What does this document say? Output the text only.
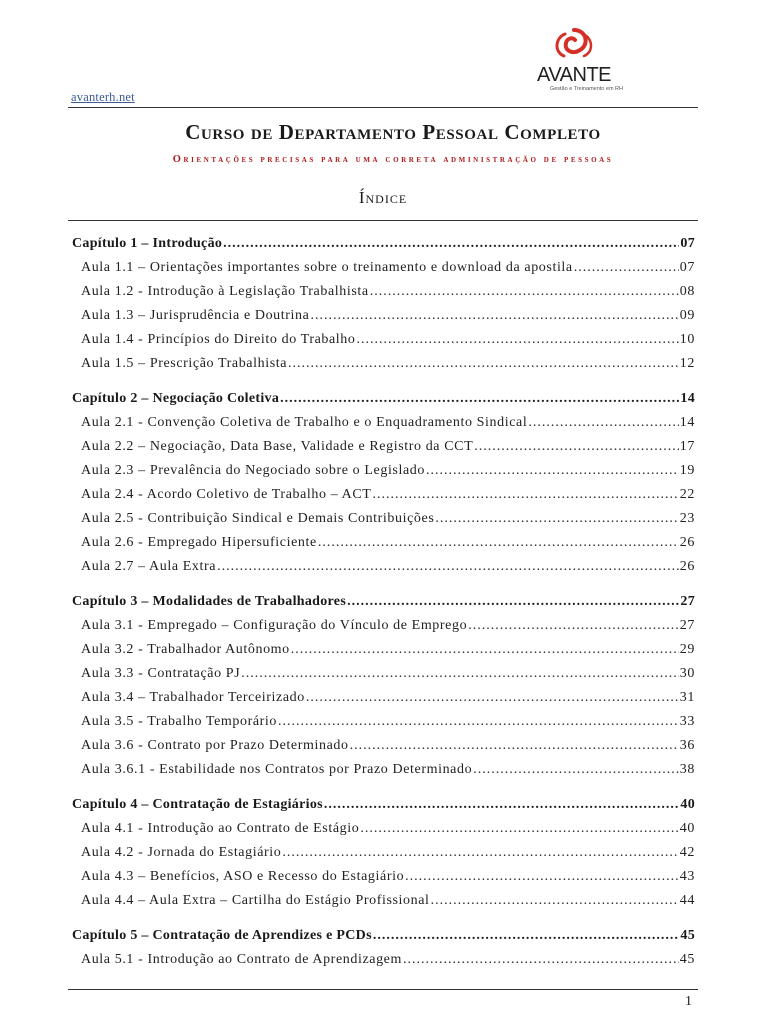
avanterh.net
AVANTE
Gestão e Treinamento em RH
Curso de Departamento Pessoal Completo
Orientações precisas para uma correta administração de pessoas
Índice
Capítulo 1 – Introdução .....	07
Aula 1.1 – Orientações importantes sobre o treinamento e download da apostila .....	07
Aula 1.2 - Introdução à Legislação Trabalhista .....	08
Aula 1.3 – Jurisprudência e Doutrina .....	09
Aula 1.4 - Princípios do Direito do Trabalho .....	10
Aula 1.5 – Prescrição Trabalhista .....	12
Capítulo 2 – Negociação Coletiva .....	14
Aula 2.1 - Convenção Coletiva de Trabalho e o Enquadramento Sindical .....	14
Aula 2.2 – Negociação, Data Base, Validade e Registro da CCT .....	17
Aula 2.3 – Prevalência do Negociado sobre o Legislado .....	19
Aula 2.4 - Acordo Coletivo de Trabalho – ACT .....	22
Aula 2.5 - Contribuição Sindical e Demais Contribuições .....	23
Aula 2.6 - Empregado Hipersuficiente .....	26
Aula 2.7 – Aula Extra .....	26
Capítulo 3 – Modalidades de Trabalhadores .....	27
Aula 3.1 - Empregado – Configuração do Vínculo de Emprego .....	27
Aula 3.2 - Trabalhador Autônomo .....	29
Aula 3.3 - Contratação PJ .....	30
Aula 3.4 – Trabalhador Terceirizado .....	31
Aula 3.5 - Trabalho Temporário .....	33
Aula 3.6 - Contrato por Prazo Determinado .....	36
Aula 3.6.1 - Estabilidade nos Contratos por Prazo Determinado .....	38
Capítulo 4 – Contratação de Estagiários .....	40
Aula 4.1 - Introdução ao Contrato de Estágio .....	40
Aula 4.2 - Jornada do Estagiário .....	42
Aula 4.3 – Benefícios, ASO e Recesso do Estagiário .....	43
Aula 4.4 – Aula Extra – Cartilha do Estágio Profissional .....	44
Capítulo 5 – Contratação de Aprendizes e PCDs .....	45
Aula 5.1 - Introdução ao Contrato de Aprendizagem .....	45
1
